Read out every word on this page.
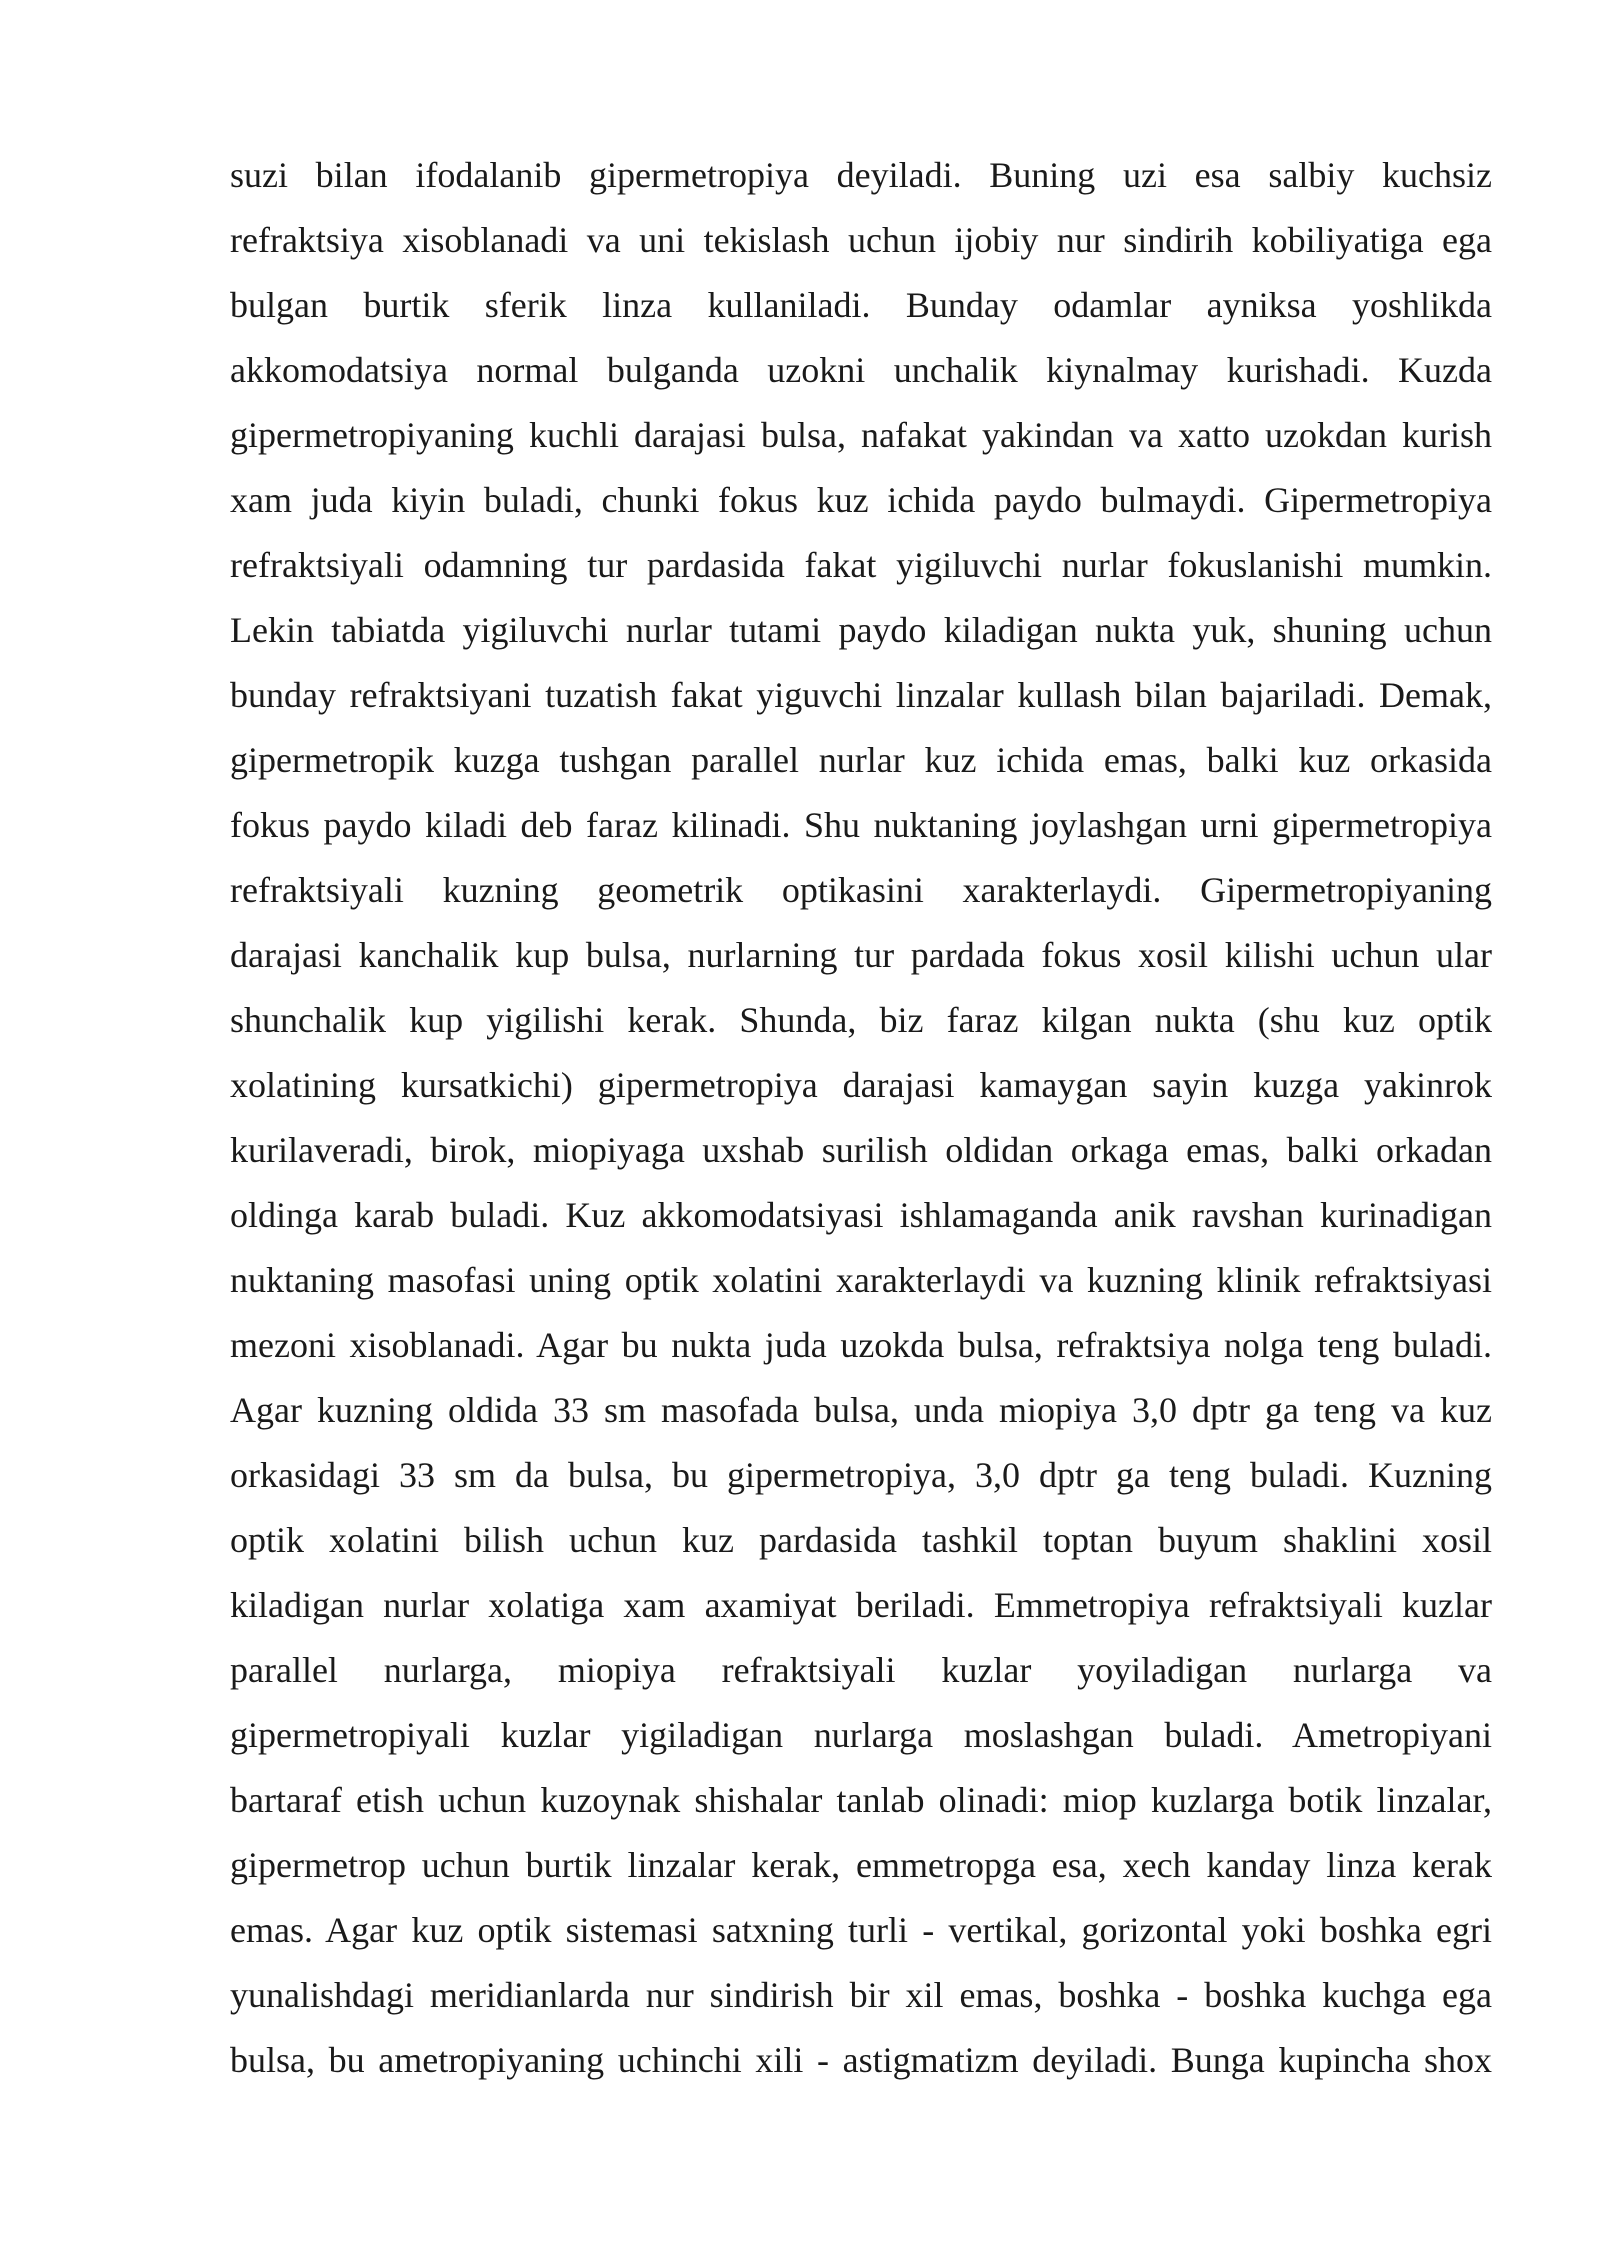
suzi bilan ifodalanib gipermetropiya deyiladi. Buning uzi esa salbiy kuchsiz
refraktsiya xisoblanadi va uni tekislash uchun ijobiy nur sindirih kobiliyatiga ega
bulgan burtik sferik linza kullaniladi. Bunday odamlar ayniksa yoshlikda
akkomodatsiya normal bulganda uzokni unchalik kiynalmay kurishadi. Kuzda
gipermetropiyaning kuchli darajasi bulsa, nafakat yakindan va xatto uzokdan kurish
xam juda kiyin buladi, chunki fokus kuz ichida paydo bulmaydi. Gipermetropiya
refraktsiyali odamning tur pardasida fakat yigiluvchi nurlar fokuslanishi mumkin.
Lekin tabiatda yigiluvchi nurlar tutami paydo kiladigan nukta yuk, shuning uchun
bunday refraktsiyani tuzatish fakat yiguvchi linzalar kullash bilan bajariladi. Demak,
gipermetropik kuzga tushgan parallel nurlar kuz ichida emas, balki kuz orkasida
fokus paydo kiladi deb faraz kilinadi. Shu nuktaning joylashgan urni gipermetropiya
refraktsiyali kuzning geometrik optikasini xarakterlaydi. Gipermetropiyaning
darajasi kanchalik kup bulsa, nurlarning tur pardada fokus xosil kilishi uchun ular
shunchalik kup yigilishi kerak. Shunda, biz faraz kilgan nukta (shu kuz optik
xolatining kursatkichi) gipermetropiya darajasi kamaygan sayin kuzga yakinrok
kurilaveradi, birok, miopiyaga uxshab surilish oldidan orkaga emas, balki orkadan
oldinga karab buladi. Kuz akkomodatsiyasi ishlamaganda anik ravshan kurinadigan
nuktaning masofasi uning optik xolatini xarakterlaydi va kuzning klinik refraktsiyasi
mezoni xisoblanadi. Agar bu nukta juda uzokda bulsa, refraktsiya nolga teng buladi.
Agar kuzning oldida 33 sm masofada bulsa, unda miopiya 3,0 dptr ga teng va kuz
orkasidagi 33 sm da bulsa, bu gipermetropiya, 3,0 dptr ga teng buladi. Kuzning
optik xolatini bilish uchun kuz pardasida tashkil toptan buyum shaklini xosil
kiladigan nurlar xolatiga xam axamiyat beriladi. Emmetropiya refraktsiyali kuzlar
parallel nurlarga, miopiya refraktsiyali kuzlar yoyiladigan nurlarga va
gipermetropiyali kuzlar yigiladigan nurlarga moslashgan buladi. Ametropiyani
bartaraf etish uchun kuzoynak shishalar tanlab olinadi: miop kuzlarga botik linzalar,
gipermetrop uchun burtik linzalar kerak, emmetropga esa, xech kanday linza kerak
emas. Agar kuz optik sistemasi satxning turli - vertikal, gorizontal yoki boshka egri
yunalishdagi meridianlarda nur sindirish bir xil emas, boshka - boshka kuchga ega
bulsa, bu ametropiyaning uchinchi xili - astigmatizm deyiladi. Bunga kupincha shox
